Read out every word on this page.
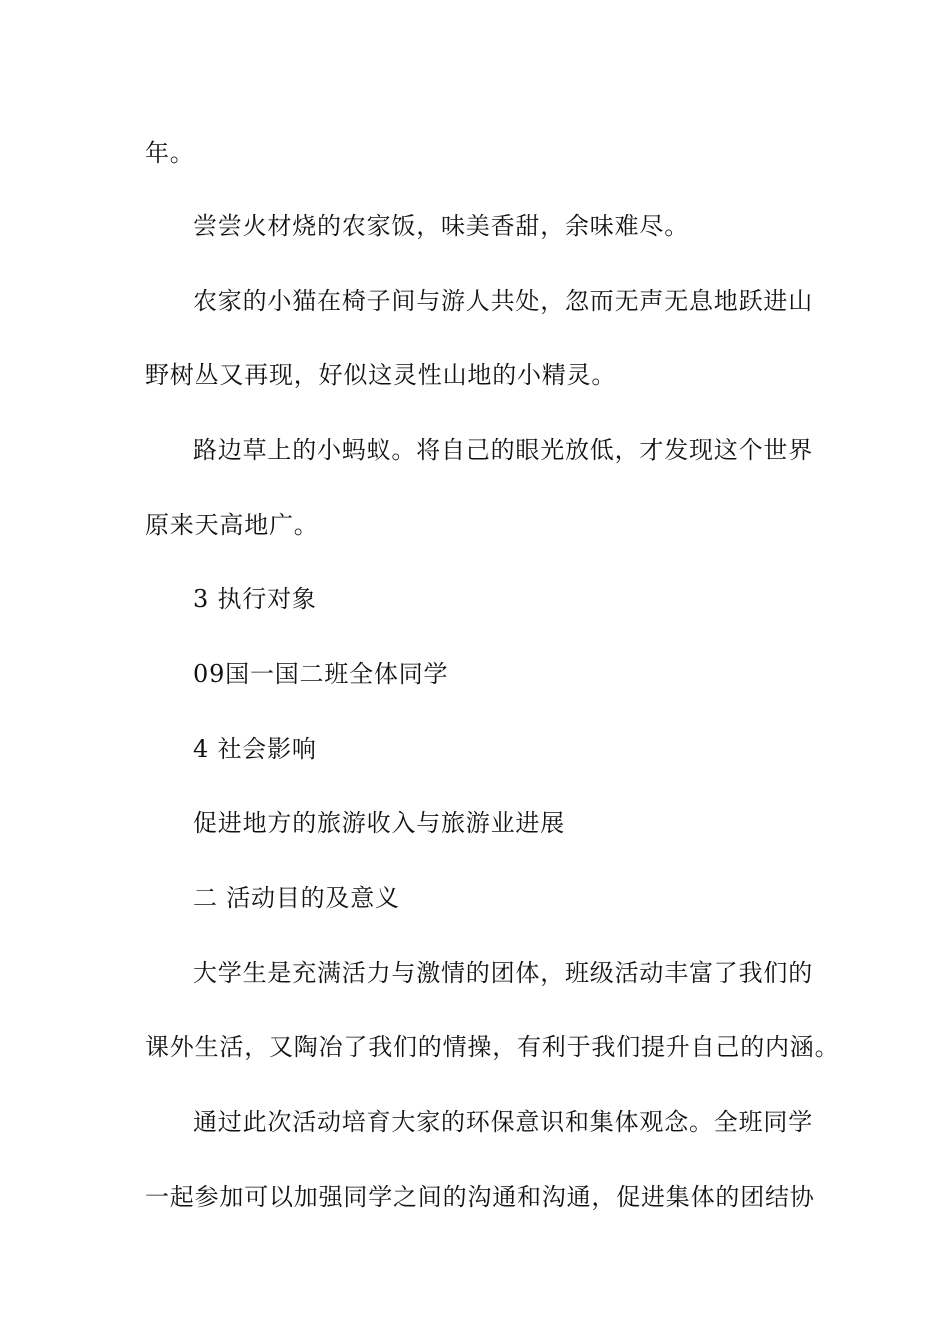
年。
尝尝火材烧的农家饭，味美香甜，余味难尽。
农家的小猫在椅子间与游人共处，忽而无声无息地跃进山
野树丛又再现，好似这灵性山地的小精灵。
路边草上的小蚂蚁。将自己的眼光放低，才发现这个世界
原来天高地广。
3 执行对象
09国一国二班全体同学
4 社会影响
促进地方的旅游收入与旅游业进展
二 活动目的及意义
大学生是充满活力与激情的团体，班级活动丰富了我们的
课外生活，又陶冶了我们的情操，有利于我们提升自己的内涵。
通过此次活动培育大家的环保意识和集体观念。全班同学
一起参加可以加强同学之间的沟通和沟通，促进集体的团结协
